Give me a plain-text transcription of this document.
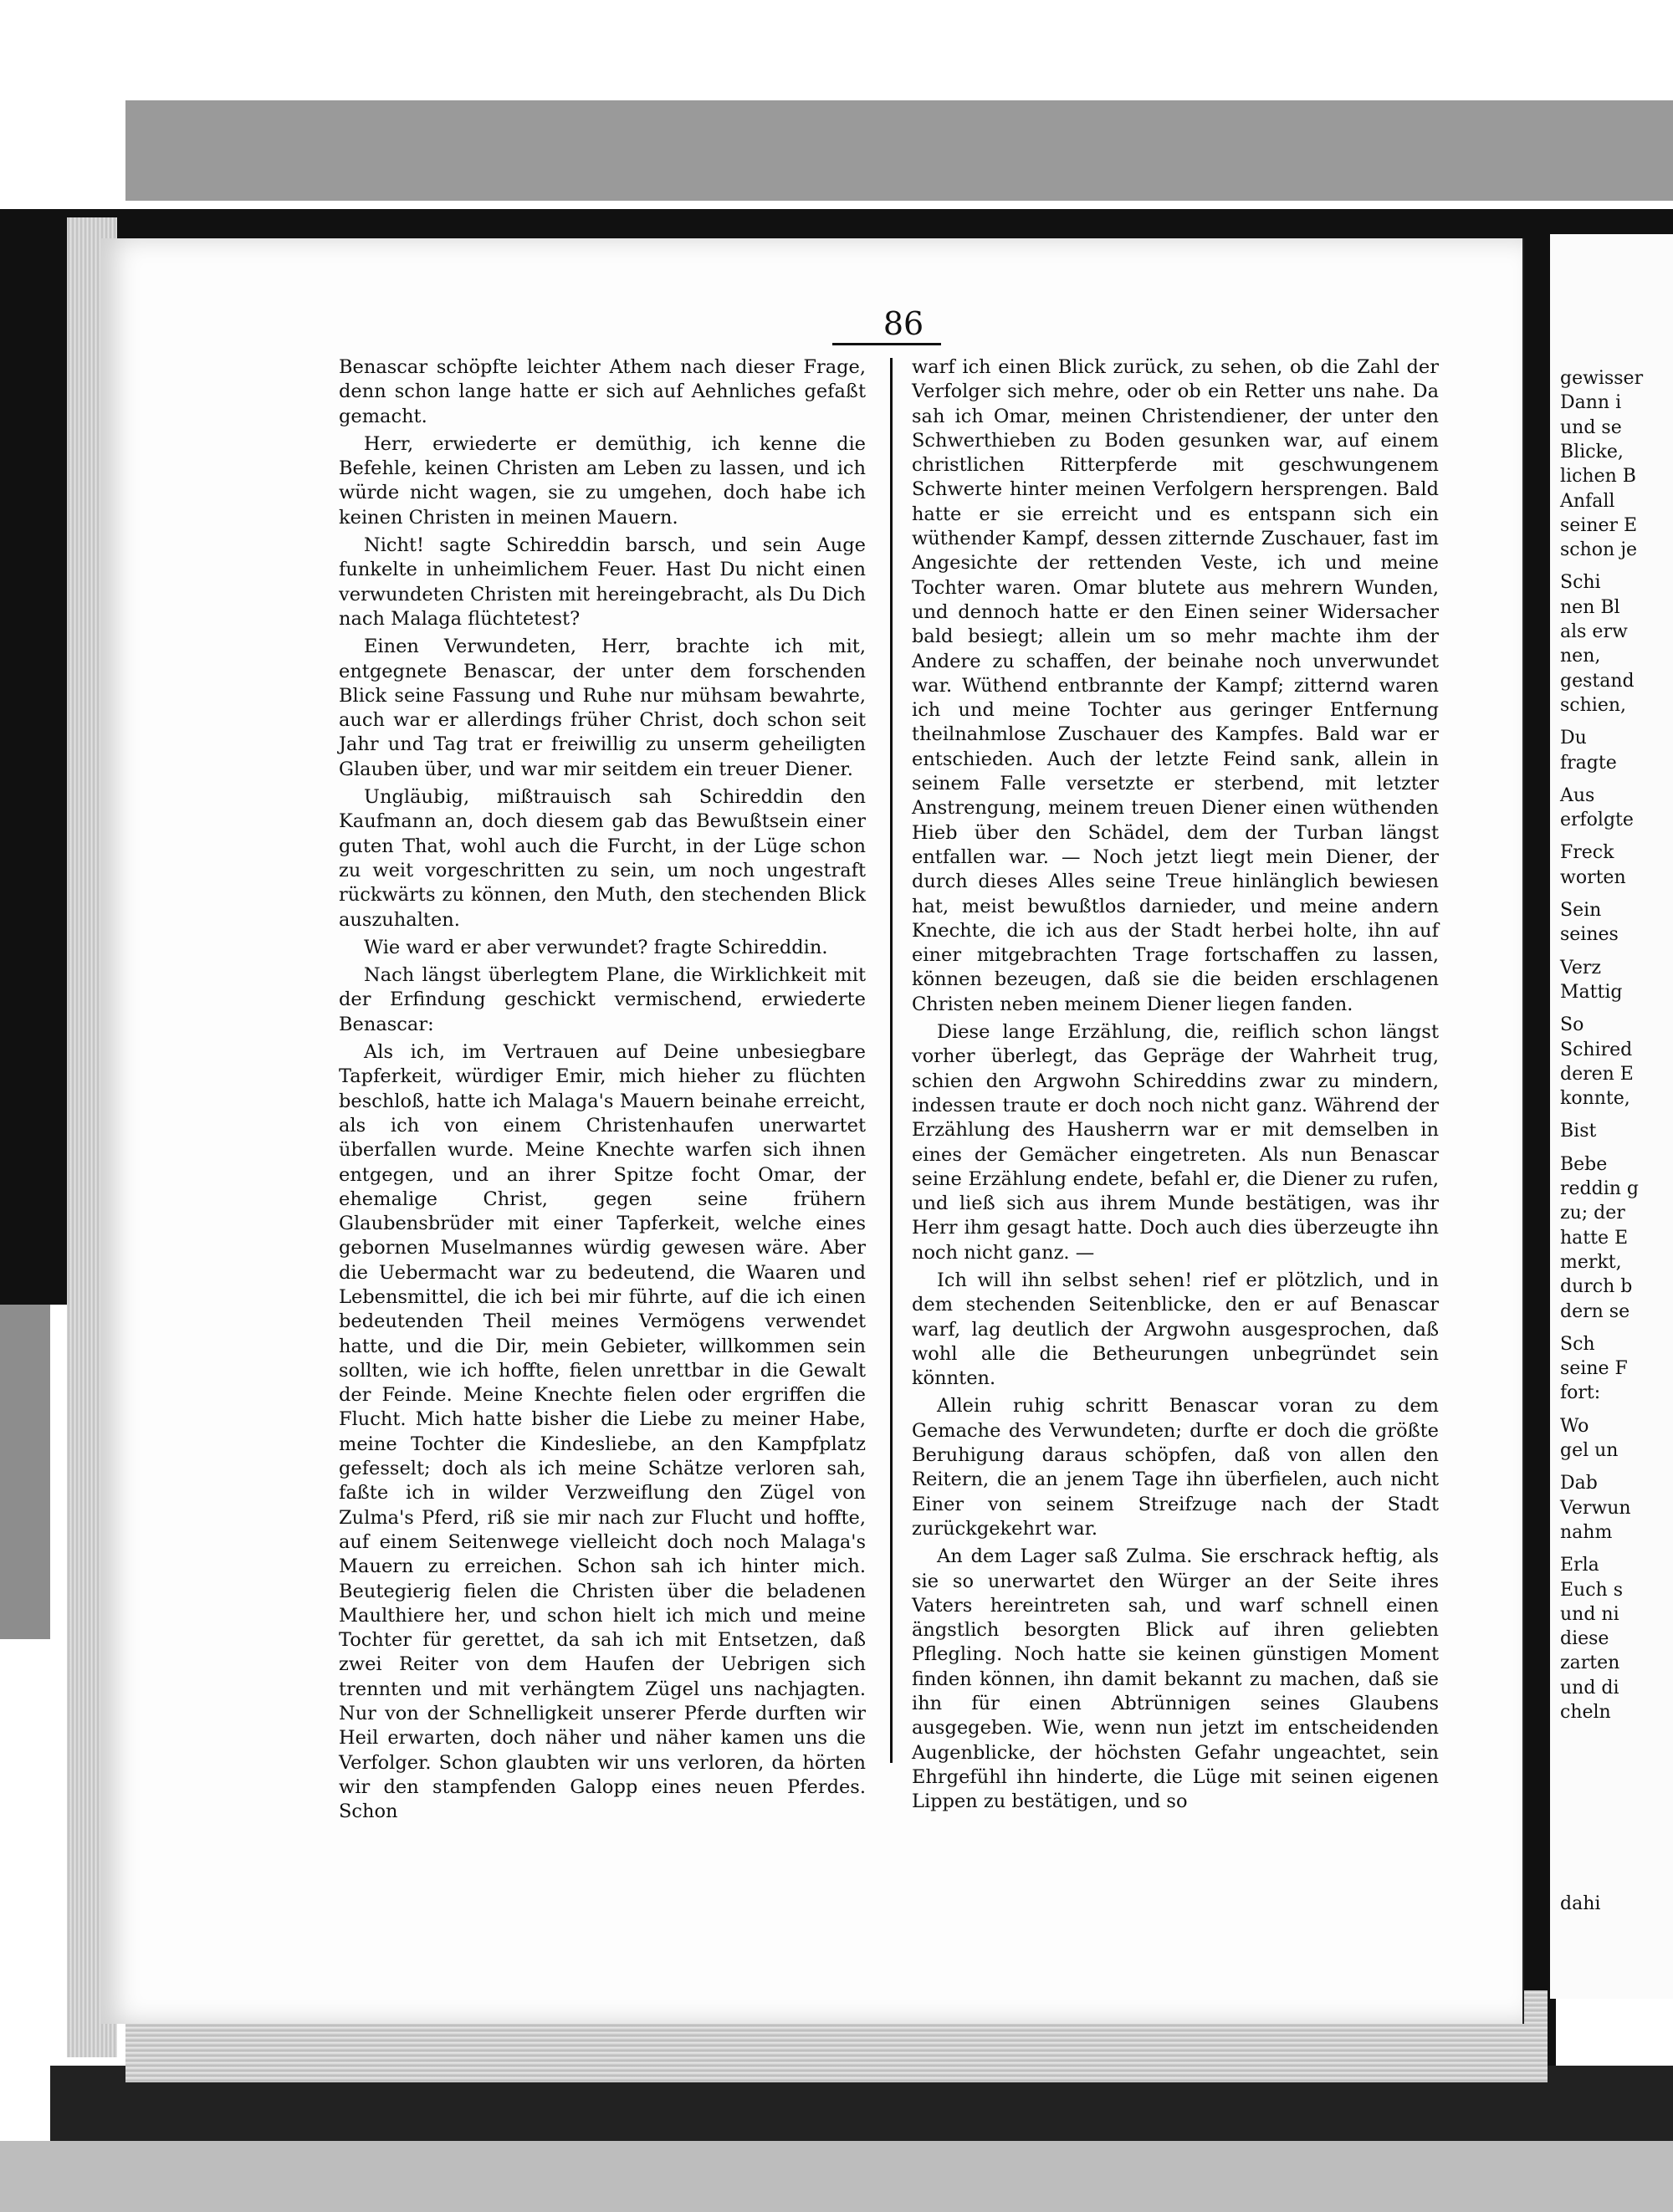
86

Benascar schöpfte leichter Athem nach dieser Frage, denn schon lange hatte er sich auf Aehnliches gefaßt gemacht.

Herr, erwiederte er demüthig, ich kenne die Befehle, keinen Christen am Leben zu lassen, und ich würde nicht wagen, sie zu umgehen, doch habe ich keinen Christen in meinen Mauern.

Nicht! sagte Schireddin barsch, und sein Auge funkelte in unheimlichem Feuer. Hast Du nicht einen verwundeten Christen mit hereingebracht, als Du Dich nach Malaga flüchtetest?

Einen Verwundeten, Herr, brachte ich mit, entgegnete Benascar, der unter dem forschenden Blick seine Fassung und Ruhe nur mühsam bewahrte, auch war er allerdings früher Christ, doch schon seit Jahr und Tag trat er freiwillig zu unserm geheiligten Glauben über, und war mir seitdem ein treuer Diener.

Ungläubig, mißtrauisch sah Schireddin den Kaufmann an, doch diesem gab das Bewußtsein einer guten That, wohl auch die Furcht, in der Lüge schon zu weit vorgeschritten zu sein, um noch ungestraft rückwärts zu können, den Muth, den stechenden Blick auszuhalten.

Wie ward er aber verwundet? fragte Schireddin.

Nach längst überlegtem Plane, die Wirklichkeit mit der Erfindung geschickt vermischend, erwiederte Benascar:

Als ich, im Vertrauen auf Deine unbesiegbare Tapferkeit, würdiger Emir, mich hieher zu flüchten beschloß, hatte ich Malaga's Mauern beinahe erreicht, als ich von einem Christenhaufen unerwartet überfallen wurde. Meine Knechte warfen sich ihnen entgegen, und an ihrer Spitze focht Omar, der ehemalige Christ, gegen seine frühern Glaubensbrüder mit einer Tapferkeit, welche eines gebornen Muselmannes würdig gewesen wäre. Aber die Uebermacht war zu bedeutend, die Waaren und Lebensmittel, die ich bei mir führte, auf die ich einen bedeutenden Theil meines Vermögens verwendet hatte, und die Dir, mein Gebieter, willkommen sein sollten, wie ich hoffte, fielen unrettbar in die Gewalt der Feinde. Meine Knechte fielen oder ergriffen die Flucht. Mich hatte bisher die Liebe zu meiner Habe, meine Tochter die Kindesliebe, an den Kampfplatz gefesselt; doch als ich meine Schätze verloren sah, faßte ich in wilder Verzweiflung den Zügel von Zulma's Pferd, riß sie mir nach zur Flucht und hoffte, auf einem Seitenwege vielleicht doch noch Malaga's Mauern zu erreichen. Schon sah ich hinter mich. Beutegierig fielen die Christen über die beladenen Maulthiere her, und schon hielt ich mich und meine Tochter für gerettet, da sah ich mit Entsetzen, daß zwei Reiter von dem Haufen der Uebrigen sich trennten und mit verhängtem Zügel uns nachjagten. Nur von der Schnelligkeit unserer Pferde durften wir Heil erwarten, doch näher und näher kamen uns die Verfolger. Schon glaubten wir uns verloren, da hörten wir den stampfenden Galopp eines neuen Pferdes. Schon

warf ich einen Blick zurück, zu sehen, ob die Zahl der Verfolger sich mehre, oder ob ein Retter uns nahe. Da sah ich Omar, meinen Christendiener, der unter den Schwerthieben zu Boden gesunken war, auf einem christlichen Ritterpferde mit geschwungenem Schwerte hinter meinen Verfolgern hersprengen. Bald hatte er sie erreicht und es entspann sich ein wüthender Kampf, dessen zitternde Zuschauer, fast im Angesichte der rettenden Veste, ich und meine Tochter waren. Omar blutete aus mehrern Wunden, und dennoch hatte er den Einen seiner Widersacher bald besiegt; allein um so mehr machte ihm der Andere zu schaffen, der beinahe noch unverwundet war. Wüthend entbrannte der Kampf; zitternd waren ich und meine Tochter aus geringer Entfernung theilnahmlose Zuschauer des Kampfes. Bald war er entschieden. Auch der letzte Feind sank, allein in seinem Falle versetzte er sterbend, mit letzter Anstrengung, meinem treuen Diener einen wüthenden Hieb über den Schädel, dem der Turban längst entfallen war. — Noch jetzt liegt mein Diener, der durch dieses Alles seine Treue hinlänglich bewiesen hat, meist bewußtlos darnieder, und meine andern Knechte, die ich aus der Stadt herbei holte, ihn auf einer mitgebrachten Trage fortschaffen zu lassen, können bezeugen, daß sie die beiden erschlagenen Christen neben meinem Diener liegen fanden.

Diese lange Erzählung, die, reiflich schon längst vorher überlegt, das Gepräge der Wahrheit trug, schien den Argwohn Schireddins zwar zu mindern, indessen traute er doch noch nicht ganz. Während der Erzählung des Hausherrn war er mit demselben in eines der Gemächer eingetreten. Als nun Benascar seine Erzählung endete, befahl er, die Diener zu rufen, und ließ sich aus ihrem Munde bestätigen, was ihr Herr ihm gesagt hatte. Doch auch dies überzeugte ihn noch nicht ganz. —

Ich will ihn selbst sehen! rief er plötzlich, und in dem stechenden Seitenblicke, den er auf Benascar warf, lag deutlich der Argwohn ausgesprochen, daß wohl alle die Betheurungen unbegründet sein könnten.

Allein ruhig schritt Benascar voran zu dem Gemache des Verwundeten; durfte er doch die größte Beruhigung daraus schöpfen, daß von allen den Reitern, die an jenem Tage ihn überfielen, auch nicht Einer von seinem Streifzuge nach der Stadt zurückgekehrt war.

An dem Lager saß Zulma. Sie erschrack heftig, als sie so unerwartet den Würger an der Seite ihres Vaters hereintreten sah, und warf schnell einen ängstlich besorgten Blick auf ihren geliebten Pflegling. Noch hatte sie keinen günstigen Moment finden können, ihn damit bekannt zu machen, daß sie ihn für einen Abtrünnigen seines Glaubens ausgegeben. Wie, wenn nun jetzt im entscheidenden Augenblicke, der höchsten Gefahr ungeachtet, sein Ehrgefühl ihn hinderte, die Lüge mit seinen eigenen Lippen zu bestätigen, und so

gewisser
Dann i
und se
Blicke,
lichen B
Anfall
seiner E
schon je
Schi
nen Bl
als erw
nen,
gestand
schien,
Du
fragte
Aus
erfolgte
Freck
worten
Sein
seines
Verz
Mattig
So
Schired
deren E
konnte,
Bist
Bebe
reddin g
zu; der
hatte E
merkt,
durch b
dern se
Sch
seine F
fort:
Wo
gel un
Dab
Verwun
nahm
Erla
Euch s
und ni
diese
zarten
und di
cheln
dahi
